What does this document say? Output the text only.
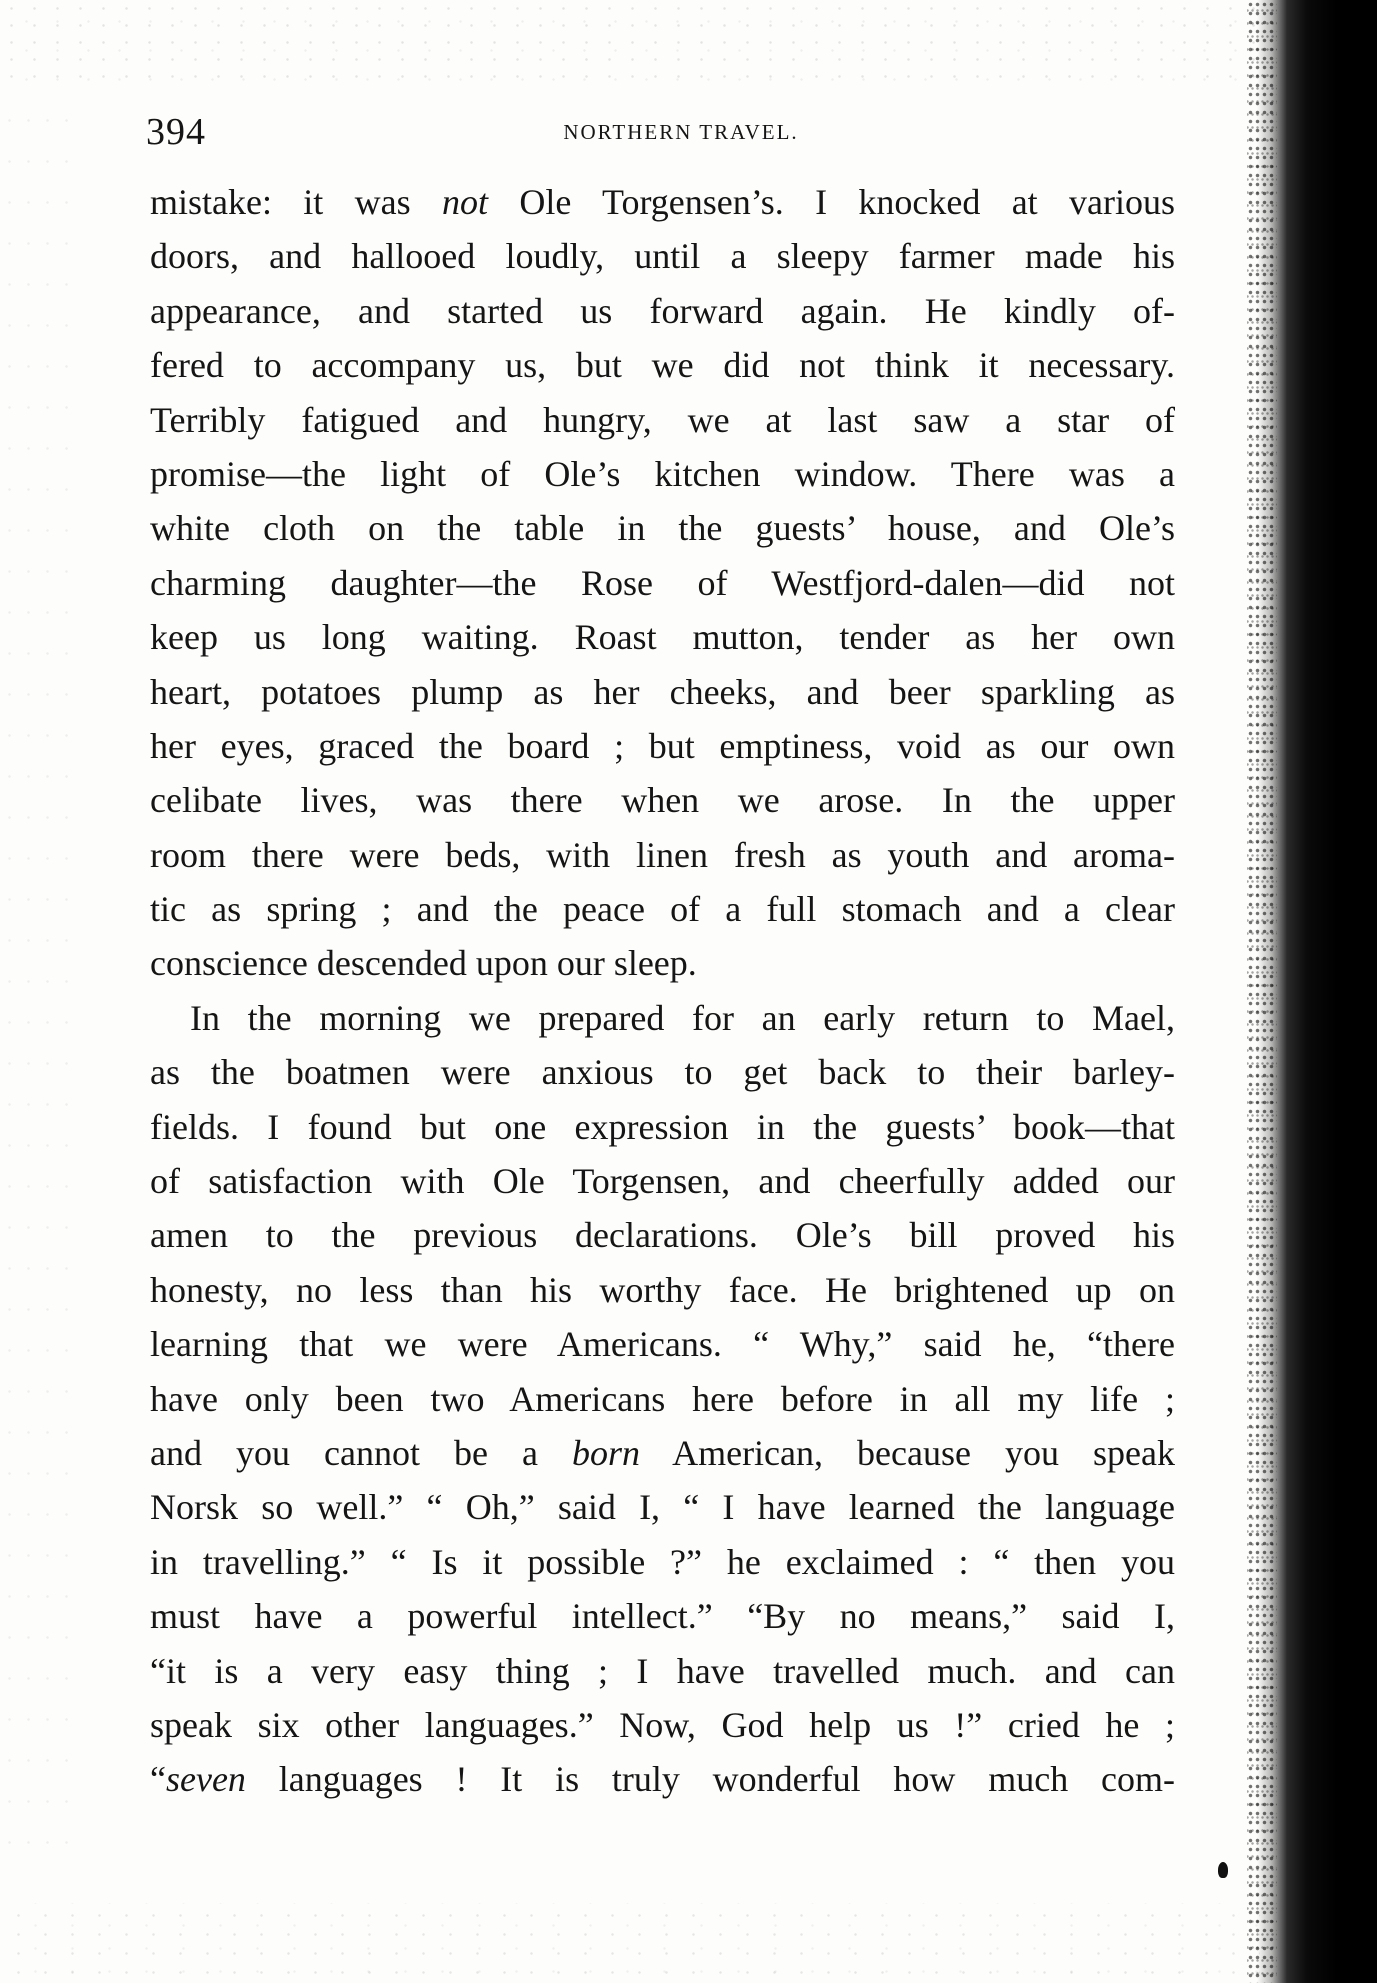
394	NORTHERN TRAVEL.
mistake: it was not Ole Torgensen’s. I knocked at various
doors, and hallooed loudly, until a sleepy farmer made his
appearance, and started us forward again. He kindly of-
fered to accompany us, but we did not think it necessary.
Terribly fatigued and hungry, we at last saw a star of
promise—the light of Ole’s kitchen window. There was a
white cloth on the table in the guests’ house, and Ole’s
charming daughter—the Rose of Westfjord-dalen—did not
keep us long waiting. Roast mutton, tender as her own
heart, potatoes plump as her cheeks, and beer sparkling as
her eyes, graced the board ; but emptiness, void as our own
celibate lives, was there when we arose. In the upper
room there were beds, with linen fresh as youth and aroma-
tic as spring ; and the peace of a full stomach and a clear
conscience descended upon our sleep.
In the morning we prepared for an early return to Mael,
as the boatmen were anxious to get back to their barley-
fields. I found but one expression in the guests’ book—that
of satisfaction with Ole Torgensen, and cheerfully added our
amen to the previous declarations. Ole’s bill proved his
honesty, no less than his worthy face. He brightened up on
learning that we were Americans. “ Why,” said he, “there
have only been two Americans here before in all my life ;
and you cannot be a born American, because you speak
Norsk so well.” “ Oh,” said I, “ I have learned the language
in travelling.” “ Is it possible ?” he exclaimed : “ then you
must have a powerful intellect.” “By no means,” said I,
“it is a very easy thing ; I have travelled much. and can
speak six other languages.” Now, God help us !” cried he ;
“seven languages ! It is truly wonderful how much com-
